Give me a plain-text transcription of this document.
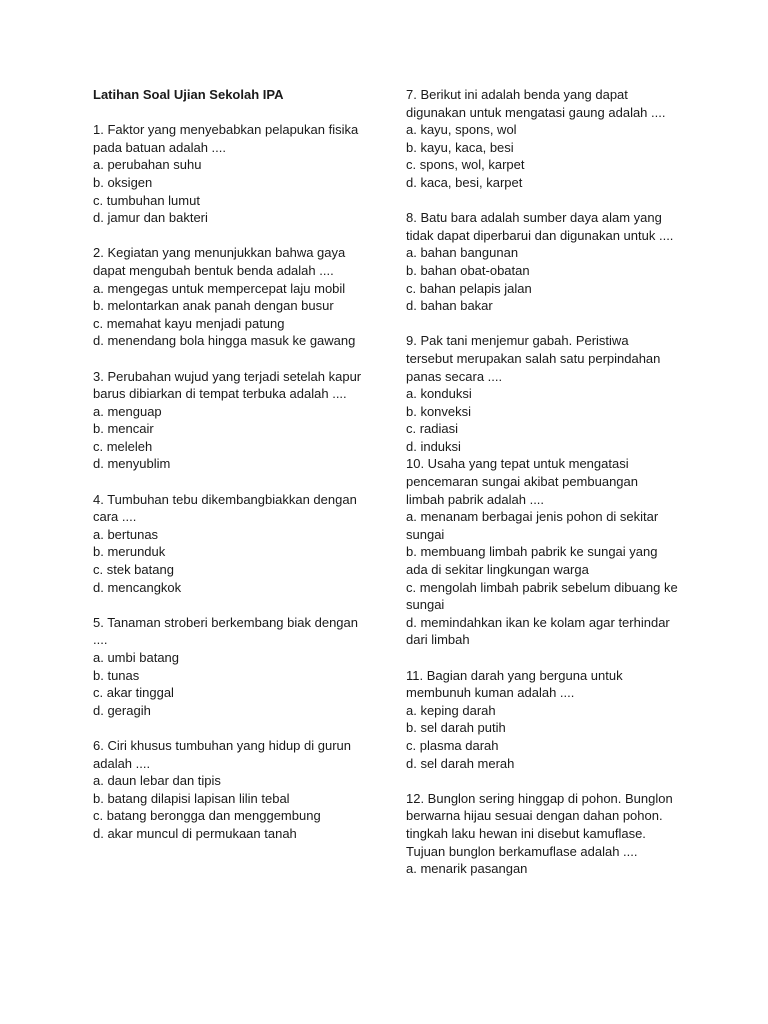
Latihan Soal Ujian Sekolah IPA
1. Faktor yang menyebabkan pelapukan fisika pada batuan adalah ....
a. perubahan suhu
b. oksigen
c. tumbuhan lumut
d. jamur dan bakteri
2. Kegiatan yang menunjukkan bahwa gaya dapat mengubah bentuk benda adalah ....
a. mengegas untuk mempercepat laju mobil
b. melontarkan anak panah dengan busur
c. memahat kayu menjadi patung
d. menendang bola hingga masuk ke gawang
3. Perubahan wujud yang terjadi setelah kapur barus dibiarkan di tempat terbuka adalah ....
a. menguap
b. mencair
c. meleleh
d. menyublim
4. Tumbuhan tebu dikembangbiakkan dengan cara ....
a. bertunas
b. merunduk
c. stek batang
d. mencangkok
5. Tanaman stroberi berkembang biak dengan ....
a. umbi batang
b. tunas
c. akar tinggal
d. geragih
6. Ciri khusus tumbuhan yang hidup di gurun adalah ....
a. daun lebar dan tipis
b. batang dilapisi lapisan lilin tebal
c. batang berongga dan menggembung
d. akar muncul di permukaan tanah
7. Berikut ini adalah benda yang dapat digunakan untuk mengatasi gaung adalah ....
a. kayu, spons, wol
b. kayu, kaca, besi
c. spons, wol, karpet
d. kaca, besi, karpet
8. Batu bara adalah sumber daya alam yang tidak dapat diperbarui dan digunakan untuk ....
a. bahan bangunan
b. bahan obat-obatan
c. bahan pelapis jalan
d. bahan bakar
9. Pak tani menjemur gabah. Peristiwa tersebut merupakan salah satu perpindahan panas secara ....
a. konduksi
b. konveksi
c. radiasi
d. induksi
10. Usaha yang tepat untuk mengatasi pencemaran sungai akibat pembuangan limbah pabrik adalah ....
a. menanam berbagai jenis pohon di sekitar sungai
b. membuang limbah pabrik ke sungai yang ada di sekitar lingkungan warga
c. mengolah limbah pabrik sebelum dibuang ke sungai
d. memindahkan ikan ke kolam agar terhindar dari limbah
11. Bagian darah yang berguna untuk membunuh kuman adalah ....
a. keping darah
b. sel darah putih
c. plasma darah
d. sel darah merah
12. Bunglon sering hinggap di pohon. Bunglon berwarna hijau sesuai dengan dahan pohon. tingkah laku hewan ini disebut kamuflase. Tujuan bunglon berkamuflase adalah ....
a. menarik pasangan
